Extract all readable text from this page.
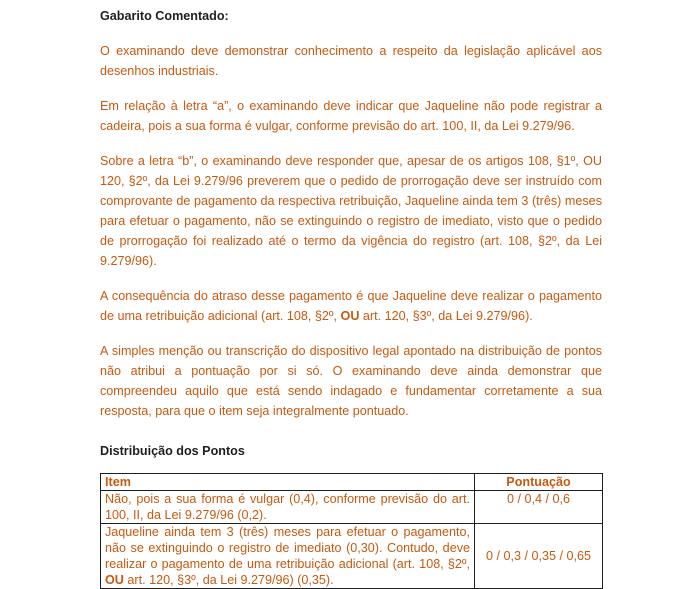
Gabarito Comentado:

O examinando deve demonstrar conhecimento a respeito da legislação aplicável aos desenhos industriais.

Em relação à letra “a”, o examinando deve indicar que Jaqueline não pode registrar a cadeira, pois a sua forma é vulgar, conforme previsão do art. 100, II, da Lei 9.279/96.

Sobre a letra “b”, o examinando deve responder que, apesar de os artigos 108, §1º, OU 120, §2º, da Lei 9.279/96 preverem que o pedido de prorrogação deve ser instruído com comprovante de pagamento da respectiva retribuição, Jaqueline ainda tem 3 (três) meses para efetuar o pagamento, não se extinguindo o registro de imediato, visto que o pedido de prorrogação foi realizado até o termo da vigência do registro (art. 108, §2º, da Lei 9.279/96).

A consequência do atraso desse pagamento é que Jaqueline deve realizar o pagamento de uma retribuição adicional (art. 108, §2º, OU art. 120, §3º, da Lei 9.279/96).

A simples menção ou transcrição do dispositivo legal apontado na distribuição de pontos não atribui a pontuação por si só. O examinando deve ainda demonstrar que compreendeu aquilo que está sendo indagado e fundamentar corretamente a sua resposta, para que o item seja integralmente pontuado.

Distribuição dos Pontos

Item	Pontuação
Não, pois a sua forma é vulgar (0,4), conforme previsão do art. 100, II, da Lei 9.279/96 (0,2).	0 / 0,4 / 0,6
Jaqueline ainda tem 3 (três) meses para efetuar o pagamento, não se extinguindo o registro de imediato (0,30). Contudo, deve realizar o pagamento de uma retribuição adicional (art. 108, §2º, OU art. 120, §3º, da Lei 9.279/96) (0,35).	0 / 0,3 / 0,35 / 0,65
